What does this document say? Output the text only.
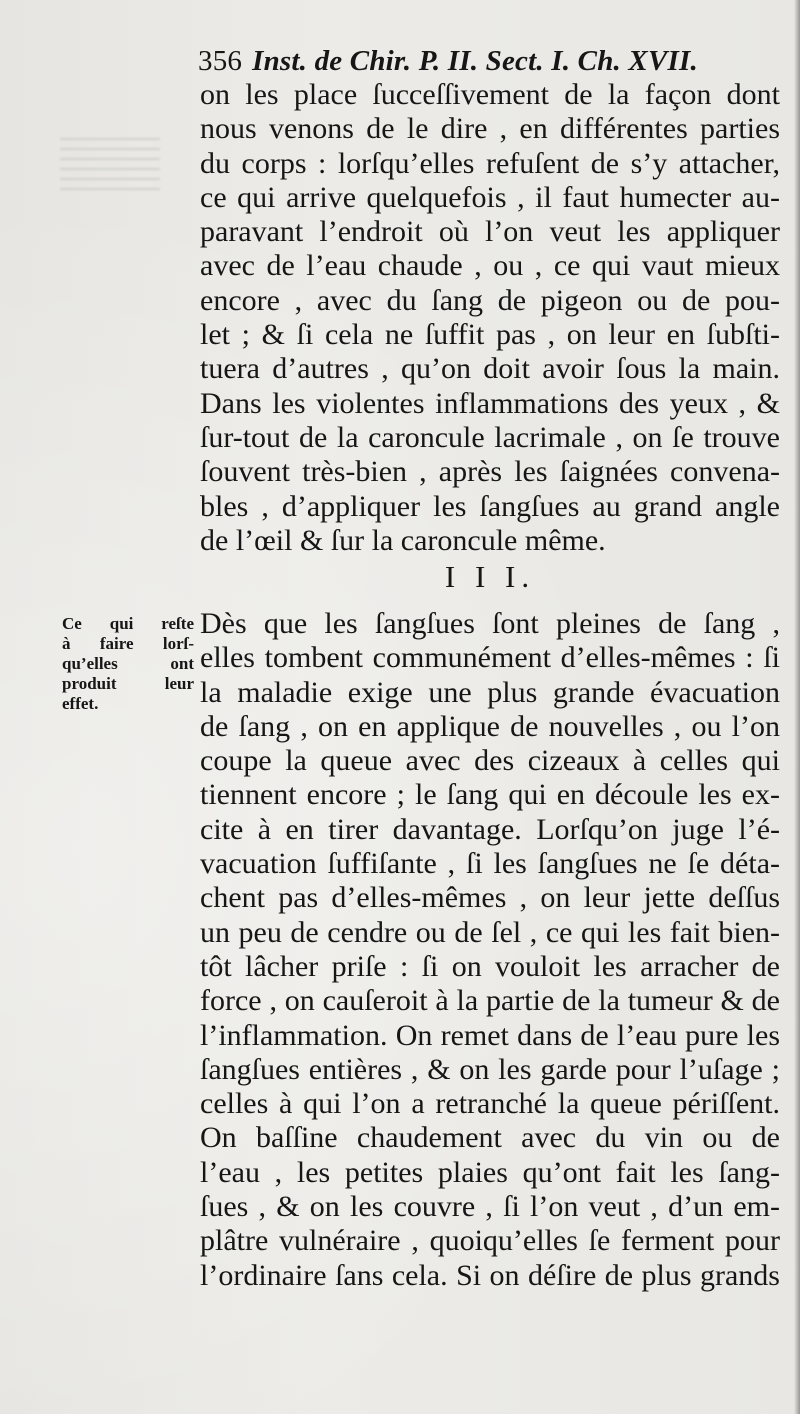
356 Inst. de Chir. P. II. Sect. I. Ch. XVII.
on les place ſucceſſivement de la façon dont
nous venons de le dire , en différentes parties
du corps : lorſqu’elles refuſent de s’y attacher,
ce qui arrive quelquefois , il faut humecter au-
paravant l’endroit où l’on veut les appliquer
avec de l’eau chaude , ou , ce qui vaut mieux
encore , avec du ſang de pigeon ou de pou-
let ; & ſi cela ne ſuffit pas , on leur en ſubſti-
tuera d’autres , qu’on doit avoir ſous la main.
Dans les violentes inflammations des yeux , &
ſur-tout de la caroncule lacrimale , on ſe trouve
ſouvent très-bien , après les ſaignées convena-
bles , d’appliquer les ſangſues au grand angle
de l’œil & ſur la caroncule même.
I I I.
Ce qui reſte
à faire lorſ-
qu’elles ont
produit leur
effet.
Dès que les ſangſues ſont pleines de ſang ,
elles tombent communément d’elles-mêmes : ſi
la maladie exige une plus grande évacuation
de ſang , on en applique de nouvelles , ou l’on
coupe la queue avec des cizeaux à celles qui
tiennent encore ; le ſang qui en découle les ex-
cite à en tirer davantage. Lorſqu’on juge l’é-
vacuation ſuffiſante , ſi les ſangſues ne ſe déta-
chent pas d’elles-mêmes , on leur jette deſſus
un peu de cendre ou de ſel , ce qui les fait bien-
tôt lâcher priſe : ſi on vouloit les arracher de
force , on cauſeroit à la partie de la tumeur & de
l’inflammation. On remet dans de l’eau pure les
ſangſues entières , & on les garde pour l’uſage ;
celles à qui l’on a retranché la queue périſſent.
On baſſine chaudement avec du vin ou de
l’eau , les petites plaies qu’ont fait les ſang-
ſues , & on les couvre , ſi l’on veut , d’un em-
plâtre vulnéraire , quoiqu’elles ſe ferment pour
l’ordinaire ſans cela. Si on déſire de plus grands
